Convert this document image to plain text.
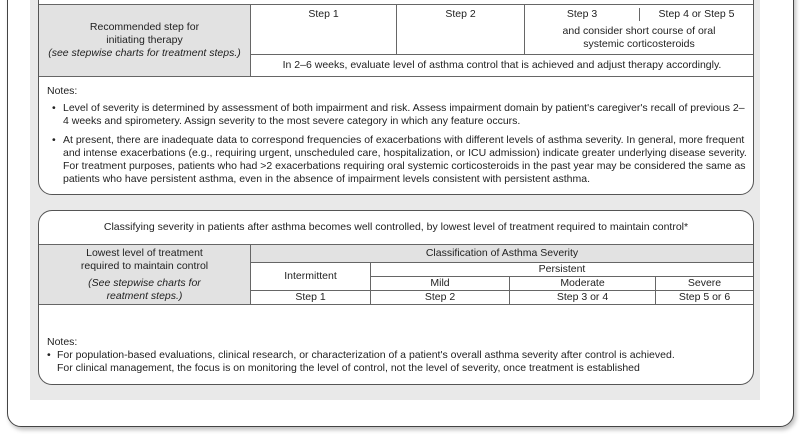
Recommended step for
initiating therapy
(see stepwise charts for treatment steps.)

Step 1	Step 2	Step 3	Step 4 or Step 5
and consider short course of oral
systemic corticosteroids

In 2–6 weeks, evaluate level of asthma control that is achieved and adjust therapy accordingly.
Notes:
• Level of severity is determined by assessment of both impairment and risk. Assess impairment domain by patient's caregiver's recall of previous 2–4 weeks and spirometery. Assign severity to the most severe category in which any feature occurs.
• At present, there are inadequate data to correspond frequencies of exacerbations with different levels of asthma severity. In general, more frequent and intense exacerbations (e.g., requiring urgent, unscheduled care, hospitalization, or ICU admission) indicate greater underlying disease severity. For treatment purposes, patients who had >2 exacerbations requiring oral systemic corticosteroids in the past year may be considered the same as patients who have persistent asthma, even in the absence of impairment levels consistent with persistent asthma.
Classifying severity in patients after asthma becomes well controlled, by lowest level of treatment required to maintain control*
Lowest level of treatment
required to maintain control
(See stepwise charts for
reatment steps.)	Classification of Asthma Severity			
	Intermittent	Persistent		
		Mild	Moderate	Severe
	Step 1	Step 2	Step 3 or 4	Step 5 or 6
Notes:
• For population-based evaluations, clinical research, or characterization of a patient's overall asthma severity after control is achieved.
For clinical management, the focus is on monitoring the level of control, not the level of severity, once treatment is established
